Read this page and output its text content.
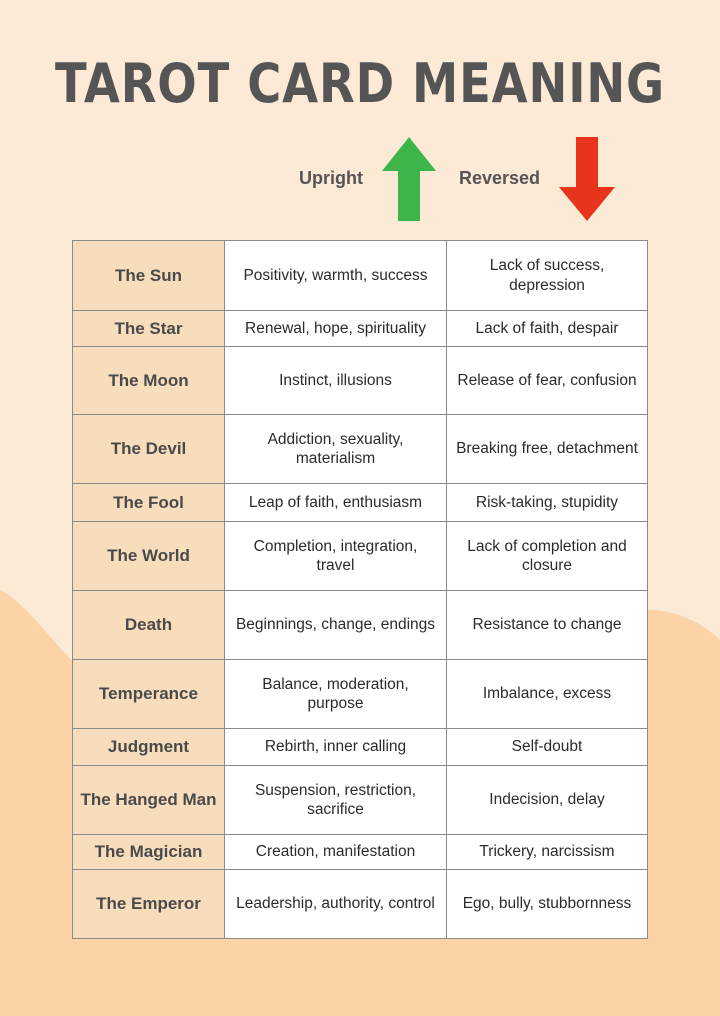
TAROT CARD MEANING
Upright	Reversed
The Sun	Positivity, warmth, success	Lack of success, depression
The Star	Renewal, hope, spirituality	Lack of faith, despair
The Moon	Instinct, illusions	Release of fear, confusion
The Devil	Addiction, sexuality, materialism	Breaking free, detachment
The Fool	Leap of faith, enthusiasm	Risk-taking, stupidity
The World	Completion, integration, travel	Lack of completion and closure
Death	Beginnings, change, endings	Resistance to change
Temperance	Balance, moderation, purpose	Imbalance, excess
Judgment	Rebirth, inner calling	Self-doubt
The Hanged Man	Suspension, restriction, sacrifice	Indecision, delay
The Magician	Creation, manifestation	Trickery, narcissism
The Emperor	Leadership, authority, control	Ego, bully, stubbornness
